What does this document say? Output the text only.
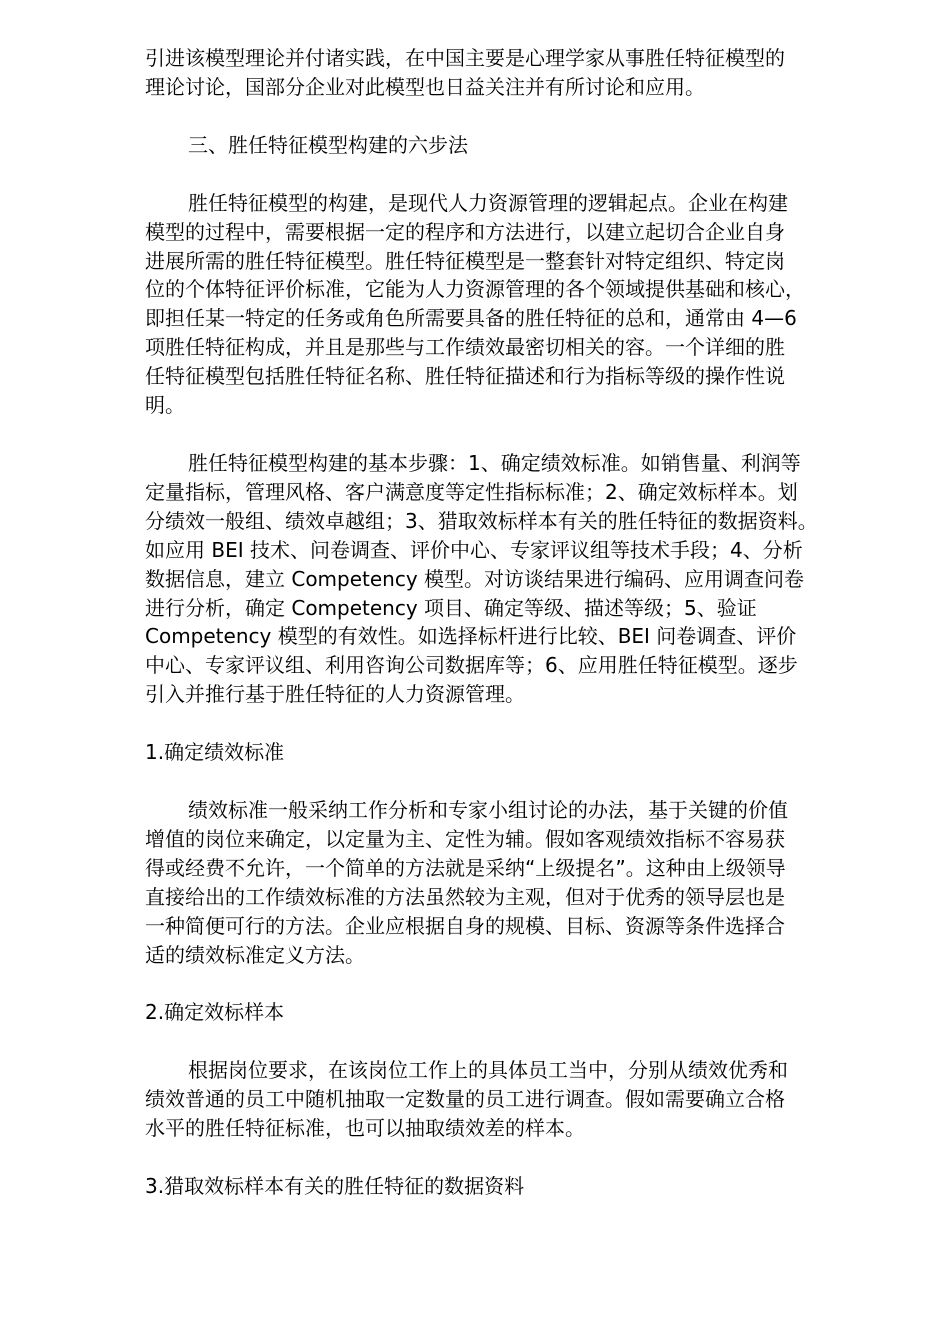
引进该模型理论并付诸实践，在中国主要是心理学家从事胜任特征模型的
理论讨论，国部分企业对此模型也日益关注并有所讨论和应用。
三、胜任特征模型构建的六步法
胜任特征模型的构建，是现代人力资源管理的逻辑起点。企业在构建
模型的过程中，需要根据一定的程序和方法进行，以建立起切合企业自身
进展所需的胜任特征模型。胜任特征模型是一整套针对特定组织、特定岗
位的个体特征评价标准，它能为人力资源管理的各个领域提供基础和核心，
即担任某一特定的任务或角色所需要具备的胜任特征的总和，通常由 4—6
项胜任特征构成，并且是那些与工作绩效最密切相关的容。一个详细的胜
任特征模型包括胜任特征名称、胜任特征描述和行为指标等级的操作性说
明。
胜任特征模型构建的基本步骤：1、确定绩效标准。如销售量、利润等
定量指标，管理风格、客户满意度等定性指标标准；2、确定效标样本。划
分绩效一般组、绩效卓越组；3、猎取效标样本有关的胜任特征的数据资料。
如应用 BEI 技术、问卷调查、评价中心、专家评议组等技术手段；4、分析
数据信息，建立 Competency 模型。对访谈结果进行编码、应用调查问卷
进行分析，确定 Competency 项目、确定等级、描述等级；5、验证
Competency 模型的有效性。如选择标杆进行比较、BEI 问卷调查、评价
中心、专家评议组、利用咨询公司数据库等；6、应用胜任特征模型。逐步
引入并推行基于胜任特征的人力资源管理。
1.确定绩效标准
绩效标准一般采纳工作分析和专家小组讨论的办法，基于关键的价值
增值的岗位来确定，以定量为主、定性为辅。假如客观绩效指标不容易获
得或经费不允许，一个简单的方法就是采纳“上级提名”。这种由上级领导
直接给出的工作绩效标准的方法虽然较为主观，但对于优秀的领导层也是
一种简便可行的方法。企业应根据自身的规模、目标、资源等条件选择合
适的绩效标准定义方法。
2.确定效标样本
根据岗位要求，在该岗位工作上的具体员工当中，分别从绩效优秀和
绩效普通的员工中随机抽取一定数量的员工进行调查。假如需要确立合格
水平的胜任特征标准，也可以抽取绩效差的样本。
3.猎取效标样本有关的胜任特征的数据资料
